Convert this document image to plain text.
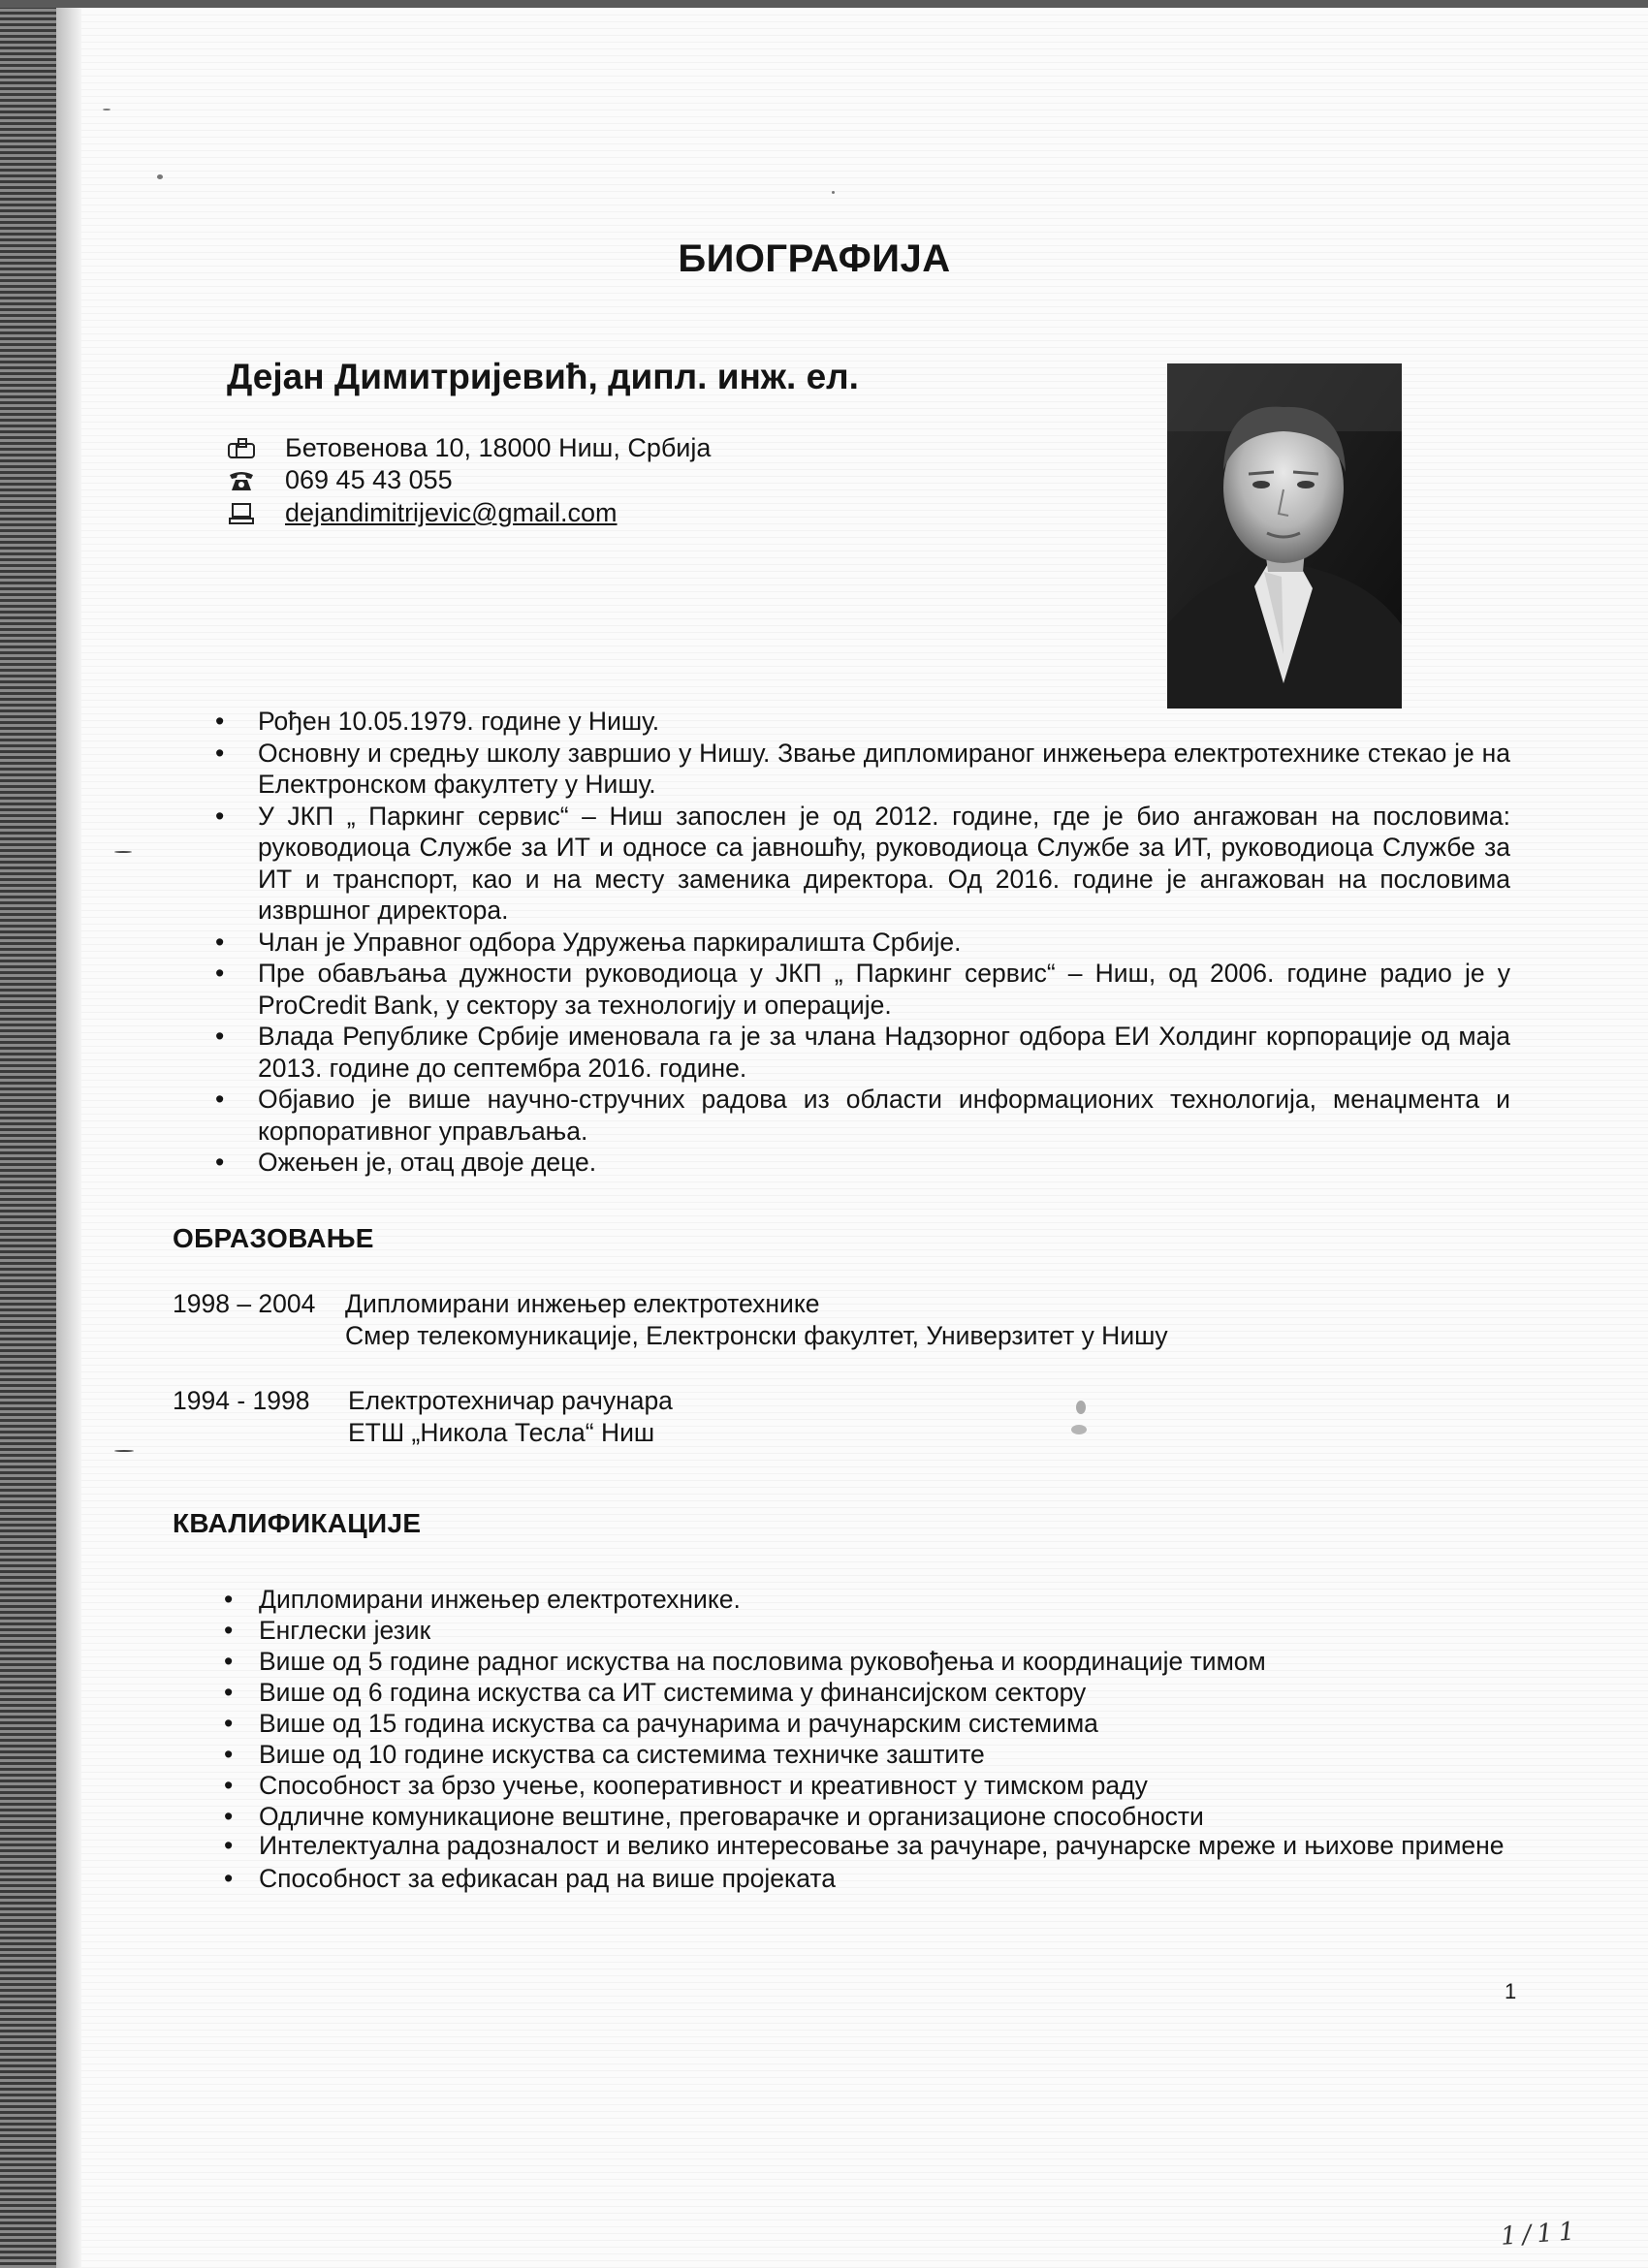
БИОГРАФИЈА
Дејан Димитријевић, дипл. инж. ел.
Бетовенова 10, 18000 Ниш, Србија
069 45 43 055
dejandimitrijevic@gmail.com
• Рођен 10.05.1979. године у Нишу.
• Основну и средњу школу завршио у Нишу. Звање дипломираног инжењера електротехнике стекао је на Електронском факултету у Нишу.
• У ЈКП „ Паркинг сервис“ – Ниш запослен је од 2012. године, где је био ангажован на пословима: руководиоца Службе за ИТ и односе са јавношћу, руководиоца Службе за ИТ, руководиоца Службе за ИТ и транспорт, као и на месту заменика директора. Од 2016. године је ангажован на пословима извршног директора.
• Члан је Управног одбора Удружења паркиралишта Србије.
• Пре обављања дужности руководиоца у ЈКП „ Паркинг сервис“ – Ниш, од 2006. године радио је у ProCredit Bank, у сектору за технологију и операције.
• Влада Републике Србије именовала га је за члана Надзорног одбора ЕИ Холдинг корпорације од маја 2013. године до септембра 2016. године.
• Објавио је више научно-стручних радова из области информационих технологија, менаџмента и корпоративног управљања.
• Ожењен је, отац двоје деце.
ОБРАЗОВАЊЕ
1998 – 2004 Дипломирани инжењер електротехнике
Смер телекомуникације, Електронски факултет, Универзитет у Нишу
1994 - 1998 Електротехничар рачунара
ЕТШ „Никола Тесла“ Ниш
КВАЛИФИКАЦИЈЕ
• Дипломирани инжењер електротехнике.
• Енглески језик
• Више од 5 године радног искуства на пословима руковођења и координације тимом
• Више од 6 година искуства са ИТ системима у финансијском сектору
• Више од 15 година искуства са рачунарима и рачунарским системима
• Више од 10 године искуства са системима техничке заштите
• Способност за брзо учење, кооперативност и креативност у тимском раду
• Одличне комуникационе вештине, преговарачке и организационе способности
• Интелектуална радозналост и велико интересовање за рачунаре, рачунарске мреже и њихове примене
• Способност за ефикасан рад на више пројеката
1
1/11
